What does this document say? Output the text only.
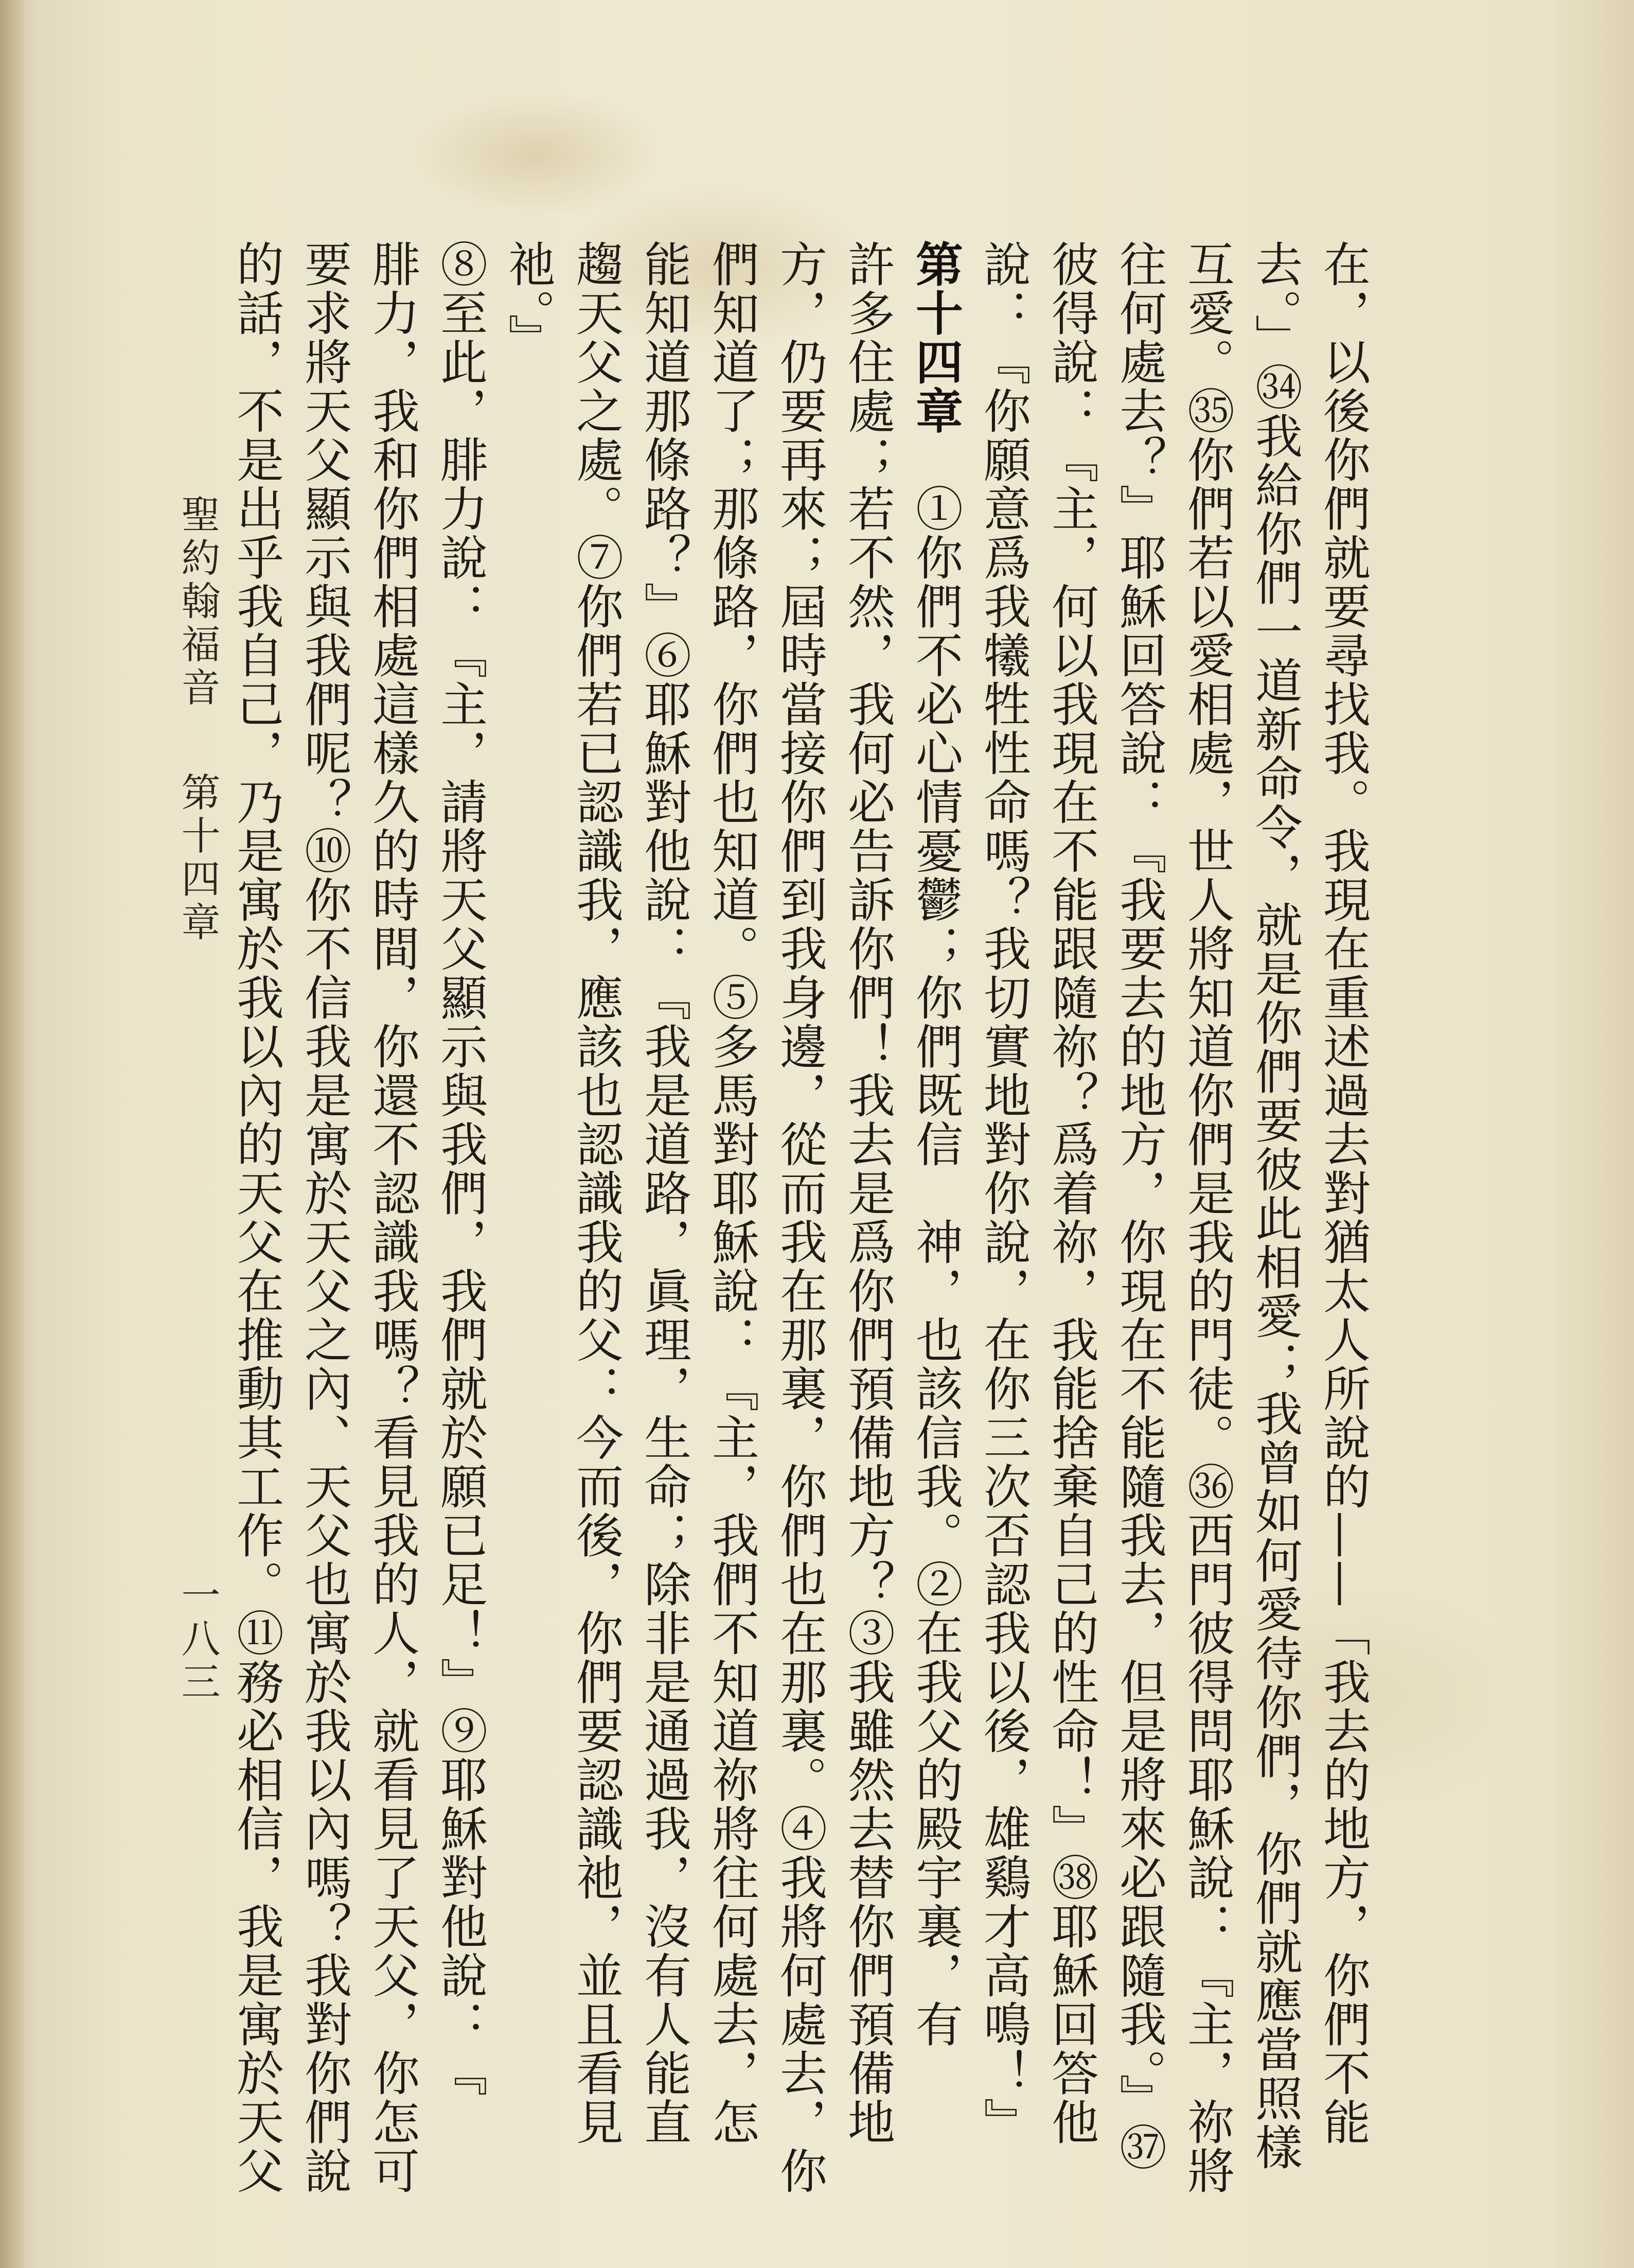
在，以後你們就要尋找我。我現在重述過去對猶太人所說的——「我去的地方，你們不能
去。」㉞我給你們一道新命令，就是你們要彼此相愛；我曾如何愛待你們，你們就應當照樣
互愛。㉟你們若以愛相處，世人將知道你們是我的門徒。㊱西門彼得問耶穌說：『主，祢將
往何處去？』耶穌回答說：『我要去的地方，你現在不能隨我去，但是將來必跟隨我。』㊲
彼得說：『主，何以我現在不能跟隨祢？爲着祢，我能捨棄自己的性命！』㊳耶穌回答他
說：『你願意爲我犧牲性命嗎？我切實地對你說，在你三次否認我以後，雄鷄才高鳴！』
第十四章　①你們不必心情憂鬱；你們既信　神，也該信我。②在我父的殿宇裏，有
許多住處；若不然，我何必告訴你們！我去是爲你們預備地方？③我雖然去替你們預備地
方，仍要再來；屆時當接你們到我身邊，從而我在那裏，你們也在那裏。④我將何處去，你
們知道了；那條路，你們也知道。⑤多馬對耶穌說：『主，我們不知道祢將往何處去，怎
能知道那條路？』⑥耶穌對他說：『我是道路，眞理，生命；除非是通過我，沒有人能直
趨天父之處。⑦你們若已認識我，應該也認識我的父：今而後，你們要認識祂，並且看見
祂。』
⑧至此，腓力說：『主，請將天父顯示與我們，我們就於願已足！』⑨耶穌對他說：『
腓力，我和你們相處這樣久的時間，你還不認識我嗎？看見我的人，就看見了天父，你怎可
要求將天父顯示與我們呢？⑩你不信我是寓於天父之內、天父也寓於我以內嗎？我對你們說
的話，不是出乎我自己，乃是寓於我以內的天父在推動其工作。⑪務必相信，我是寓於天父
聖約翰福音
第十四章
一八三
